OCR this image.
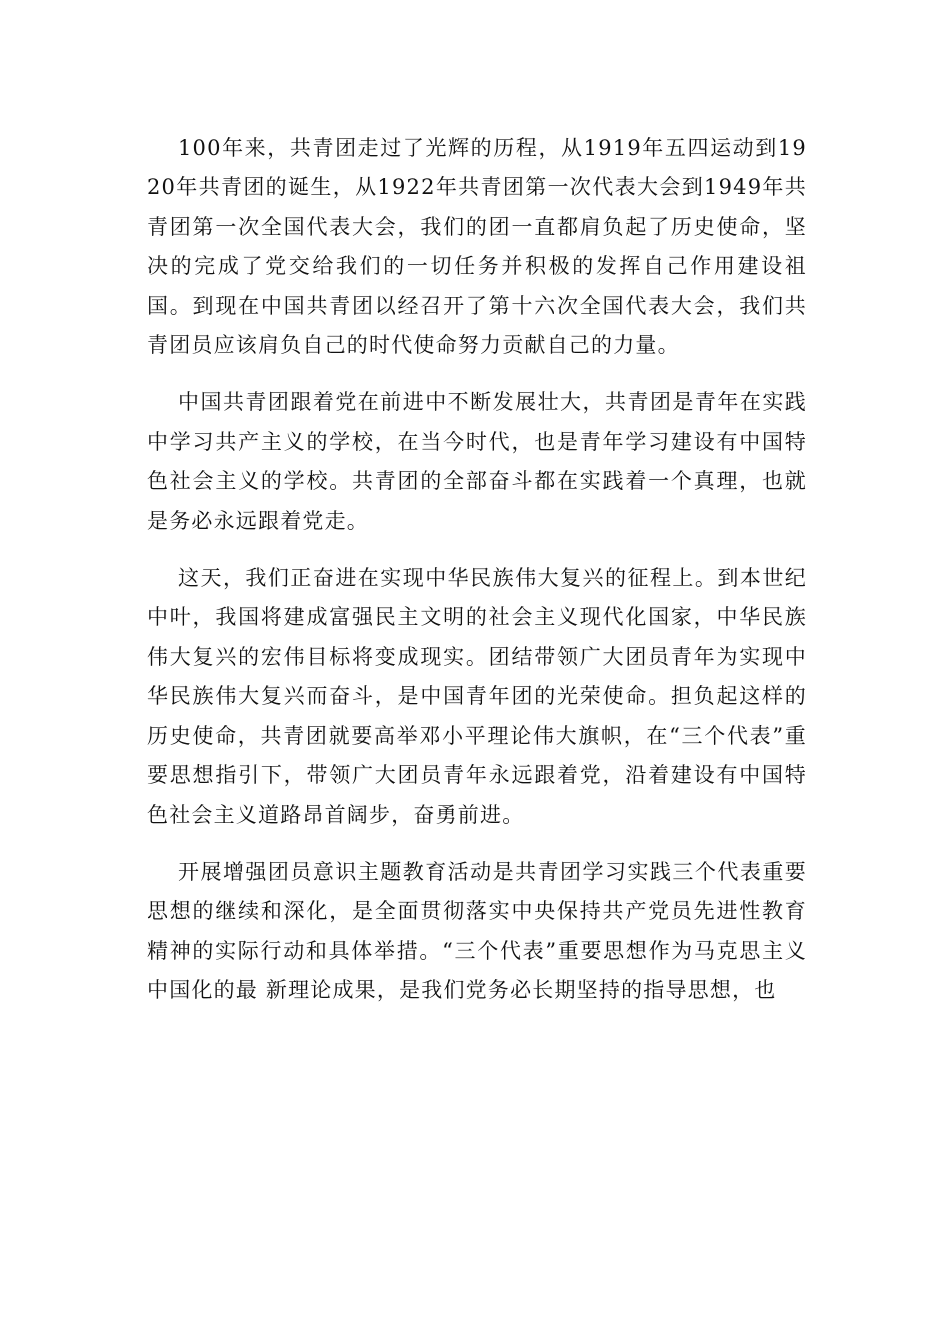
100年来，共青团走过了光辉的历程，从1919年五四运动到1920年共青团的诞生，从1922年共青团第一次代表大会到1949年共青团第一次全国代表大会，我们的团一直都肩负起了历史使命，坚决的完成了党交给我们的一切任务并积极的发挥自己作用建设祖国。到现在中国共青团以经召开了第十六次全国代表大会，我们共青团员应该肩负自己的时代使命努力贡献自己的力量。

中国共青团跟着党在前进中不断发展壮大，共青团是青年在实践中学习共产主义的学校，在当今时代，也是青年学习建设有中国特色社会主义的学校。共青团的全部奋斗都在实践着一个真理，也就是务必永远跟着党走。

这天，我们正奋进在实现中华民族伟大复兴的征程上。到本世纪中叶，我国将建成富强民主文明的社会主义现代化国家，中华民族伟大复兴的宏伟目标将变成现实。团结带领广大团员青年为实现中华民族伟大复兴而奋斗，是中国青年团的光荣使命。担负起这样的历史使命，共青团就要高举邓小平理论伟大旗帜，在“三个代表”重要思想指引下，带领广大团员青年永远跟着党，沿着建设有中国特色社会主义道路昂首阔步，奋勇前进。

开展增强团员意识主题教育活动是共青团学习实践三个代表重要思想的继续和深化，是全面贯彻落实中央保持共产党员先进性教育精神的实际行动和具体举措。“三个代表”重要思想作为马克思主义中国化的最 新理论成果，是我们党务必长期坚持的指导思想，也
